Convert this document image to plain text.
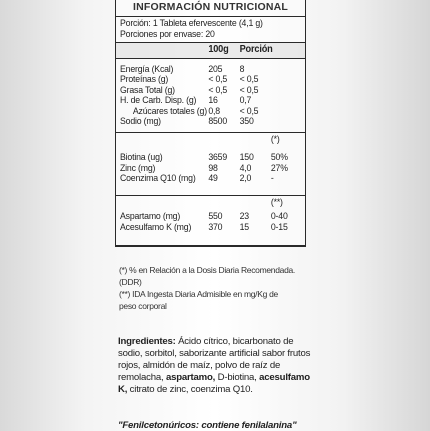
INFORMACIÓN NUTRICIONAL
Porción: 1 Tableta efervescente (4,1 g)
Porciones por envase: 20
100g	Porción
Energía (Kcal)	205	8
Proteínas (g)	< 0,5	< 0,5
Grasa Total (g)	< 0,5	< 0,5
H. de Carb. Disp. (g)	16	0,7
Azúcares totales (g) 0,8	< 0,5
Sodio (mg)	8500	350
(*)
Biotina (ug)	3659	150	50%
Zinc (mg)	98	4,0	27%
Coenzima Q10 (mg)	49	2,0	-
(**)
Aspartamo (mg)	550	23	0-40
Acesulfamo K (mg)	370	15	0-15
(*) % en Relación a la Dosis Diaria Recomendada.
(DDR)
(**) IDA Ingesta Diaria Admisible en mg/Kg de
peso corporal
Ingredientes: Ácido cítrico, bicarbonato de sodio, sorbitol, saborizante artificial sabor frutos rojos, almidón de maíz, polvo de raíz de remolacha, aspartamo, D-biotina, acesulfamo K, citrato de zinc, coenzima Q10.
"Fenilcetonúricos: contiene fenilalanina"
